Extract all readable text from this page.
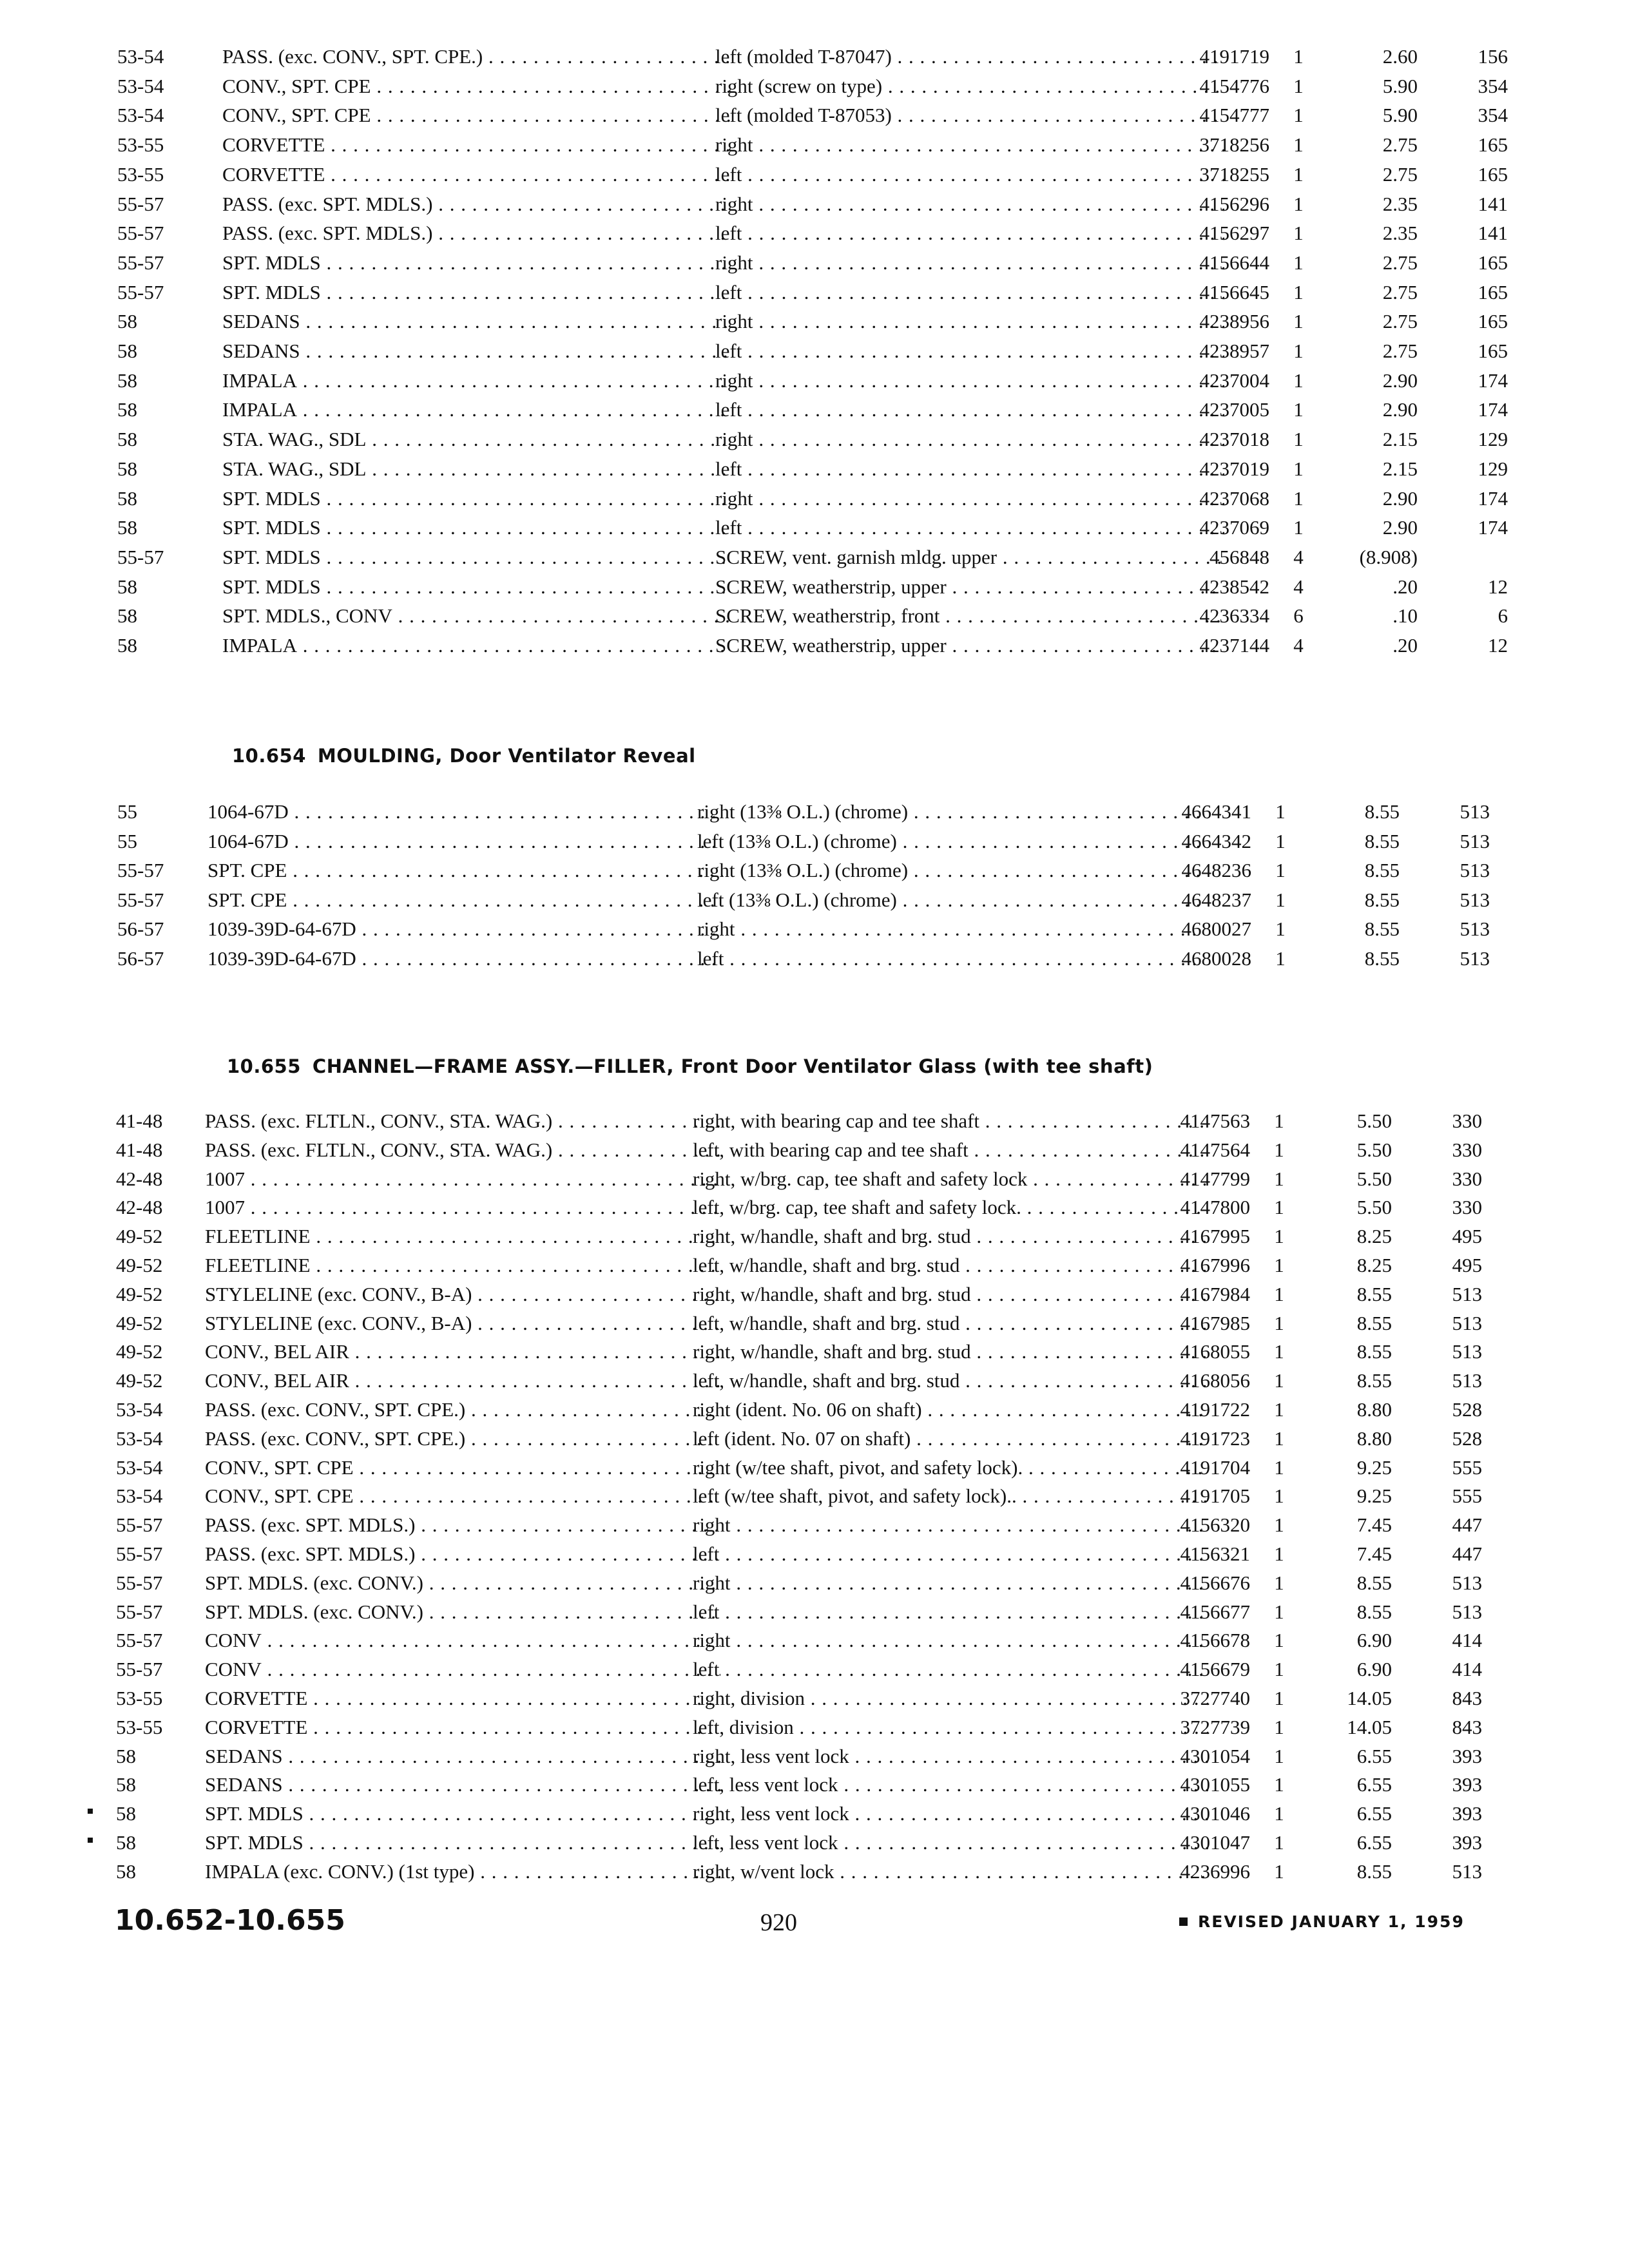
53-54	PASS. (exc. CONV., SPT. CPE.) . . .	left (molded T-87047) . . .	4191719	1	2.60	156
53-54	CONV., SPT. CPE . . .	right (screw on type) . . .	4154776	1	5.90	354
53-54	CONV., SPT. CPE . . .	left (molded T-87053) . . .	4154777	1	5.90	354
53-55	CORVETTE . . .	right . . .	3718256	1	2.75	165
53-55	CORVETTE . . .	left . . .	3718255	1	2.75	165
55-57	PASS. (exc. SPT. MDLS.) . . .	right . . .	4156296	1	2.35	141
55-57	PASS. (exc. SPT. MDLS.) . . .	left . . .	4156297	1	2.35	141
55-57	SPT. MDLS . . .	right . . .	4156644	1	2.75	165
55-57	SPT. MDLS . . .	left . . .	4156645	1	2.75	165
58	SEDANS . . .	right . . .	4238956	1	2.75	165
58	SEDANS . . .	left . . .	4238957	1	2.75	165
58	IMPALA . . .	right . . .	4237004	1	2.90	174
58	IMPALA . . .	left . . .	4237005	1	2.90	174
58	STA. WAG., SDL . . .	right . . .	4237018	1	2.15	129
58	STA. WAG., SDL . . .	left . . .	4237019	1	2.15	129
58	SPT. MDLS . . .	right . . .	4237068	1	2.90	174
58	SPT. MDLS . . .	left . . .	4237069	1	2.90	174
55-57	SPT. MDLS . . .	SCREW, vent. garnish mldg. upper . . .	456848	4	(8.908)
58	SPT. MDLS . . .	SCREW, weatherstrip, upper . . .	4238542	4	.20	12
58	SPT. MDLS., CONV . . .	SCREW, weatherstrip, front . . .	4236334	6	.10	6
58	IMPALA . . .	SCREW, weatherstrip, upper . . .	4237144	4	.20	12
10.654 MOULDING, Door Ventilator Reveal
55	1064-67D . . .	right (13⅜ O.L.) (chrome) . . .	4664341	1	8.55	513
55	1064-67D . . .	left (13⅜ O.L.) (chrome) . . .	4664342	1	8.55	513
55-57	SPT. CPE . . .	right (13⅜ O.L.) (chrome) . . .	4648236	1	8.55	513
55-57	SPT. CPE . . .	left (13⅜ O.L.) (chrome) . . .	4648237	1	8.55	513
56-57	1039-39D-64-67D . . .	right . . .	4680027	1	8.55	513
56-57	1039-39D-64-67D . . .	left . . .	4680028	1	8.55	513
10.655 CHANNEL—FRAME ASSY.—FILLER, Front Door Ventilator Glass (with tee shaft)
41-48	PASS. (exc. FLTLN., CONV., STA. WAG.) . . .	right, with bearing cap and tee shaft . . .	4147563	1	5.50	330
41-48	PASS. (exc. FLTLN., CONV., STA. WAG.) . . .	left, with bearing cap and tee shaft . . .	4147564	1	5.50	330
42-48	1007 . . .	right, w/brg. cap, tee shaft and safety lock . . .	4147799	1	5.50	330
42-48	1007 . . .	left, w/brg. cap, tee shaft and safety lock. . . .	4147800	1	5.50	330
49-52	FLEETLINE . . .	right, w/handle, shaft and brg. stud . . .	4167995	1	8.25	495
49-52	FLEETLINE . . .	left, w/handle, shaft and brg. stud . . .	4167996	1	8.25	495
49-52	STYLELINE (exc. CONV., B-A) . . .	right, w/handle, shaft and brg. stud . . .	4167984	1	8.55	513
49-52	STYLELINE (exc. CONV., B-A) . . .	left, w/handle, shaft and brg. stud . . .	4167985	1	8.55	513
49-52	CONV., BEL AIR . . .	right, w/handle, shaft and brg. stud . . .	4168055	1	8.55	513
49-52	CONV., BEL AIR . . .	left, w/handle, shaft and brg. stud . . .	4168056	1	8.55	513
53-54	PASS. (exc. CONV., SPT. CPE.) . . .	right (ident. No. 06 on shaft) . . .	4191722	1	8.80	528
53-54	PASS. (exc. CONV., SPT. CPE.) . . .	left (ident. No. 07 on shaft) . . .	4191723	1	8.80	528
53-54	CONV., SPT. CPE . . .	right (w/tee shaft, pivot, and safety lock). . . .	4191704	1	9.25	555
53-54	CONV., SPT. CPE . . .	left (w/tee shaft, pivot, and safety lock).. . . .	4191705	1	9.25	555
55-57	PASS. (exc. SPT. MDLS.) . . .	right . . .	4156320	1	7.45	447
55-57	PASS. (exc. SPT. MDLS.) . . .	left . . .	4156321	1	7.45	447
55-57	SPT. MDLS. (exc. CONV.) . . .	right . . .	4156676	1	8.55	513
55-57	SPT. MDLS. (exc. CONV.) . . .	left . . .	4156677	1	8.55	513
55-57	CONV . . .	right . . .	4156678	1	6.90	414
55-57	CONV . . .	left . . .	4156679	1	6.90	414
53-55	CORVETTE . . .	right, division . . .	3727740	1	14.05	843
53-55	CORVETTE . . .	left, division . . .	3727739	1	14.05	843
58	SEDANS . . .	right, less vent lock . . .	4301054	1	6.55	393
58	SEDANS . . .	left, less vent lock . . .	4301055	1	6.55	393
58	SPT. MDLS . . .	right, less vent lock . . .	4301046	1	6.55	393
58	SPT. MDLS . . .	left, less vent lock . . .	4301047	1	6.55	393
58	IMPALA (exc. CONV.) (1st type) . . .	right, w/vent lock . . .	4236996	1	8.55	513
10.652-10.655	920	REVISED JANUARY 1, 1959
